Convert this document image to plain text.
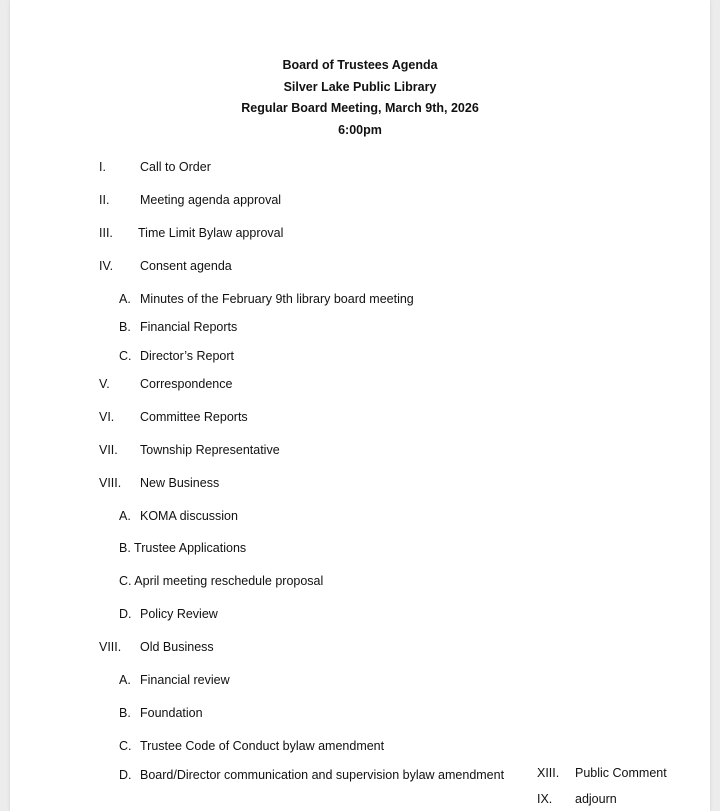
Board of Trustees Agenda
Silver Lake Public Library
Regular Board Meeting, March 9th, 2026
6:00pm
I.	Call to Order
II. Meeting agenda approval
III. Time Limit Bylaw approval
IV. Consent agenda
A. Minutes of the February 9th library board meeting
B. Financial Reports
C. Director’s Report
V. Correspondence
VI. Committee Reports
VII. Township Representative
VIII. New Business
A. KOMA discussion
B. Trustee Applications
C. April meeting reschedule proposal
D. Policy Review
VIII. Old Business
A. Financial review
B. Foundation
C. Trustee Code of Conduct bylaw amendment
D. Board/Director communication and supervision bylaw amendment	XIII. Public Comment
IX. adjourn
